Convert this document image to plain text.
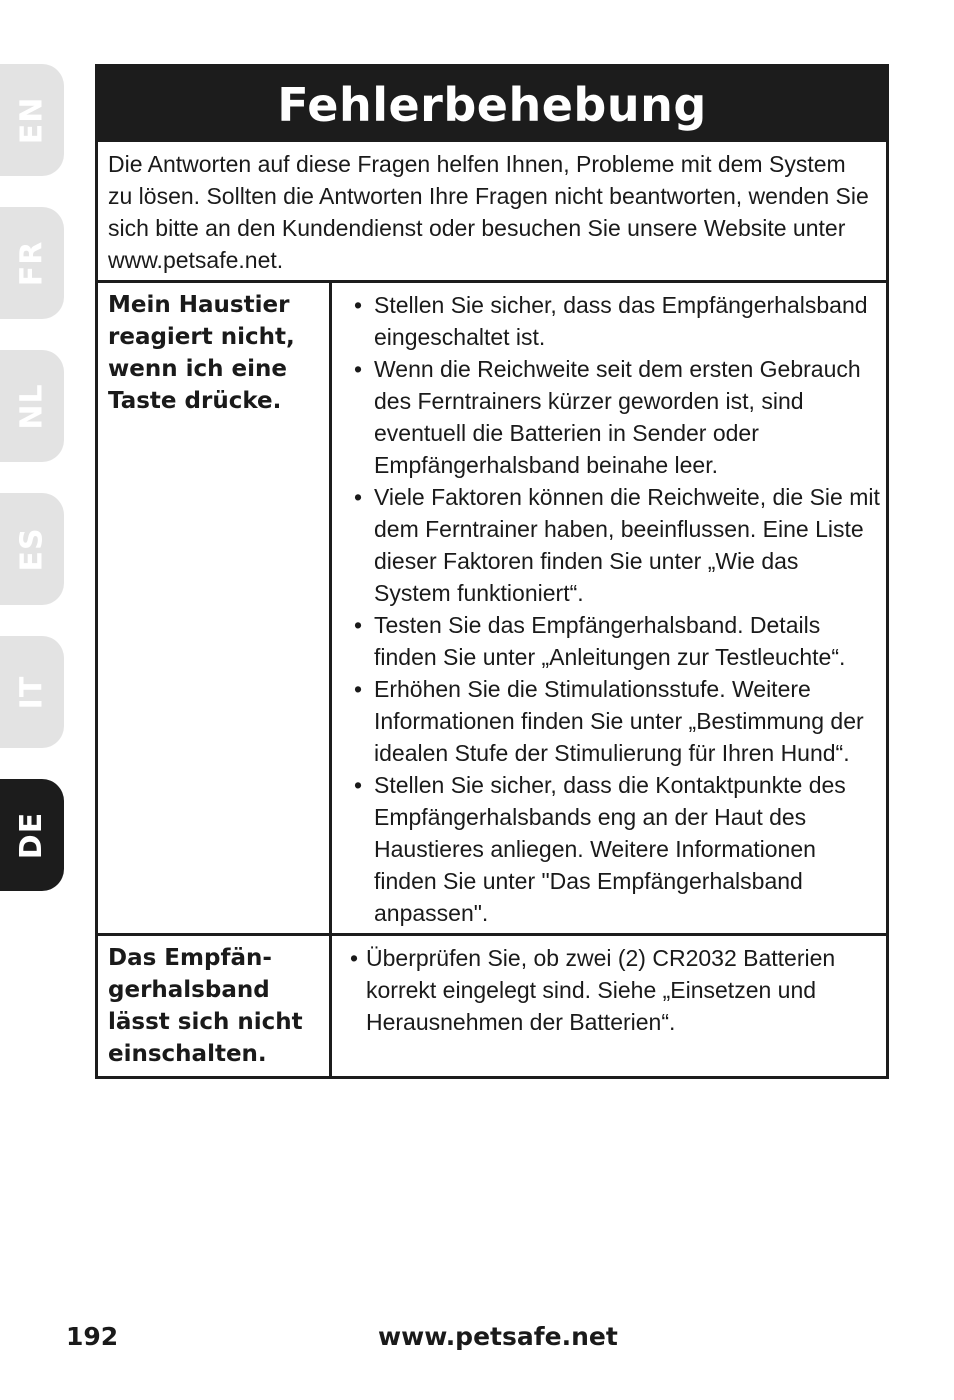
EN
FR
NL
ES
IT
DE
Fehlerbehebung
Die Antworten auf diese Fragen helfen Ihnen, Probleme mit dem System zu lösen. Sollten die Antworten Ihre Fragen nicht beantworten, wenden Sie sich bitte an den Kundendienst oder besuchen Sie unsere Website unter www.petsafe.net.
Mein Haustier reagiert nicht, wenn ich eine Taste drücke.
• Stellen Sie sicher, dass das Empfängerhalsband eingeschaltet ist.
• Wenn die Reichweite seit dem ersten Gebrauch des Ferntrainers kürzer geworden ist, sind eventuell die Batterien in Sender oder Empfängerhalsband beinahe leer.
• Viele Faktoren können die Reichweite, die Sie mit dem Ferntrainer haben, beeinflussen. Eine Liste dieser Faktoren finden Sie unter „Wie das System funktioniert“.
• Testen Sie das Empfängerhalsband. Details finden Sie unter „Anleitungen zur Testleuchte“.
• Erhöhen Sie die Stimulationsstufe. Weitere Informationen finden Sie unter „Bestimmung der idealen Stufe der Stimulierung für Ihren Hund“.
• Stellen Sie sicher, dass die Kontaktpunkte des Empfängerhalsbands eng an der Haut des Haustieres anliegen. Weitere Informationen finden Sie unter "Das Empfängerhalsband anpassen".
Das Empfän- gerhalsband lässt sich nicht einschalten.
• Überprüfen Sie, ob zwei (2) CR2032 Batterien korrekt eingelegt sind. Siehe „Einsetzen und Herausnehmen der Batterien“.
192	www.petsafe.net
